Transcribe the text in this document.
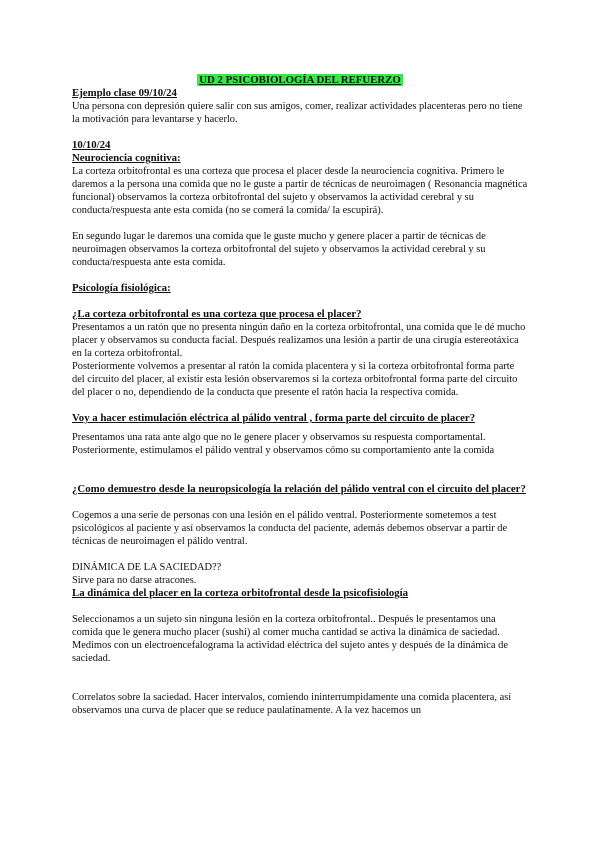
UD 2 PSICOBIOLOGÍA DEL REFUERZO

Ejemplo clase 09/10/24

Una persona con depresión quiere salir con sus amigos, comer, realizar actividades placenteras pero no tiene la motivación para levantarse y hacerlo.

10/10/24

Neurociencia cognitiva:

La corteza orbitofrontal es una corteza que procesa el placer desde la neurociencia cognitiva. Primero le daremos a la persona una comida que no le guste a partir de técnicas de neuroimagen ( Resonancia magnética funcional) observamos la corteza orbitofrontal del sujeto y observamos la actividad cerebral y su conducta/respuesta ante esta comida (no se comerá la comida/ la escupirá).

En segundo lugar le daremos una comida que le guste mucho y genere placer a partir de técnicas de neuroimagen observamos la corteza orbitofrontal del sujeto y observamos la actividad cerebral y su conducta/respuesta ante esta comida.

Psicología fisiológica:

¿La corteza orbitofrontal es una corteza que procesa el placer?

Presentamos a un ratón que no presenta ningún daño en la corteza orbitofrontal, una comida que le dé mucho placer y observamos su conducta facial. Después realizamos una lesión a partir de una cirugía estereotáxica en la corteza orbitofrontal.

Posteriormente volvemos a presentar al ratón la comida placentera y si la corteza orbitofrontal forma parte del circuito del placer, al existir esta lesión observaremos si la corteza orbitofrontal forma parte del circuito del placer o no, dependiendo de la conducta que presente el ratón hacia la respectiva comida.

Voy a hacer estimulación eléctrica al pálido ventral , forma parte del circuito de placer?

Presentamos una rata ante algo que no le genere placer y observamos su respuesta comportamental. Posteriormente, estimulamos el pálido ventral y observamos cómo su comportamiento ante la comida

¿Como demuestro desde la neuropsicología la relación del pálido ventral con el circuito del placer?

Cogemos a una serie de personas con una lesión en el pálido ventral. Posteriormente sometemos a test psicológicos al paciente y así observamos la conducta del paciente, además debemos observar a partir de técnicas de neuroimagen el pálido ventral.

DINÁMICA DE LA SACIEDAD??

Sirve para no darse atracones.

La dinámica del placer en la corteza orbitofrontal desde la psicofisiología

Seleccionamos a un sujeto sin ninguna lesión en la corteza orbitofrontal.. Después le presentamos una comida que le genera mucho placer (sushi) al comer mucha cantidad se activa la dinámica de saciedad. Medimos con un electroencefalograma la actividad eléctrica del sujeto antes y después de la dinámica de saciedad.

Correlatos sobre la saciedad. Hacer intervalos, comiendo ininterrumpidamente una comida placentera, así observamos una curva de placer que se reduce paulatinamente. A la vez hacemos un
